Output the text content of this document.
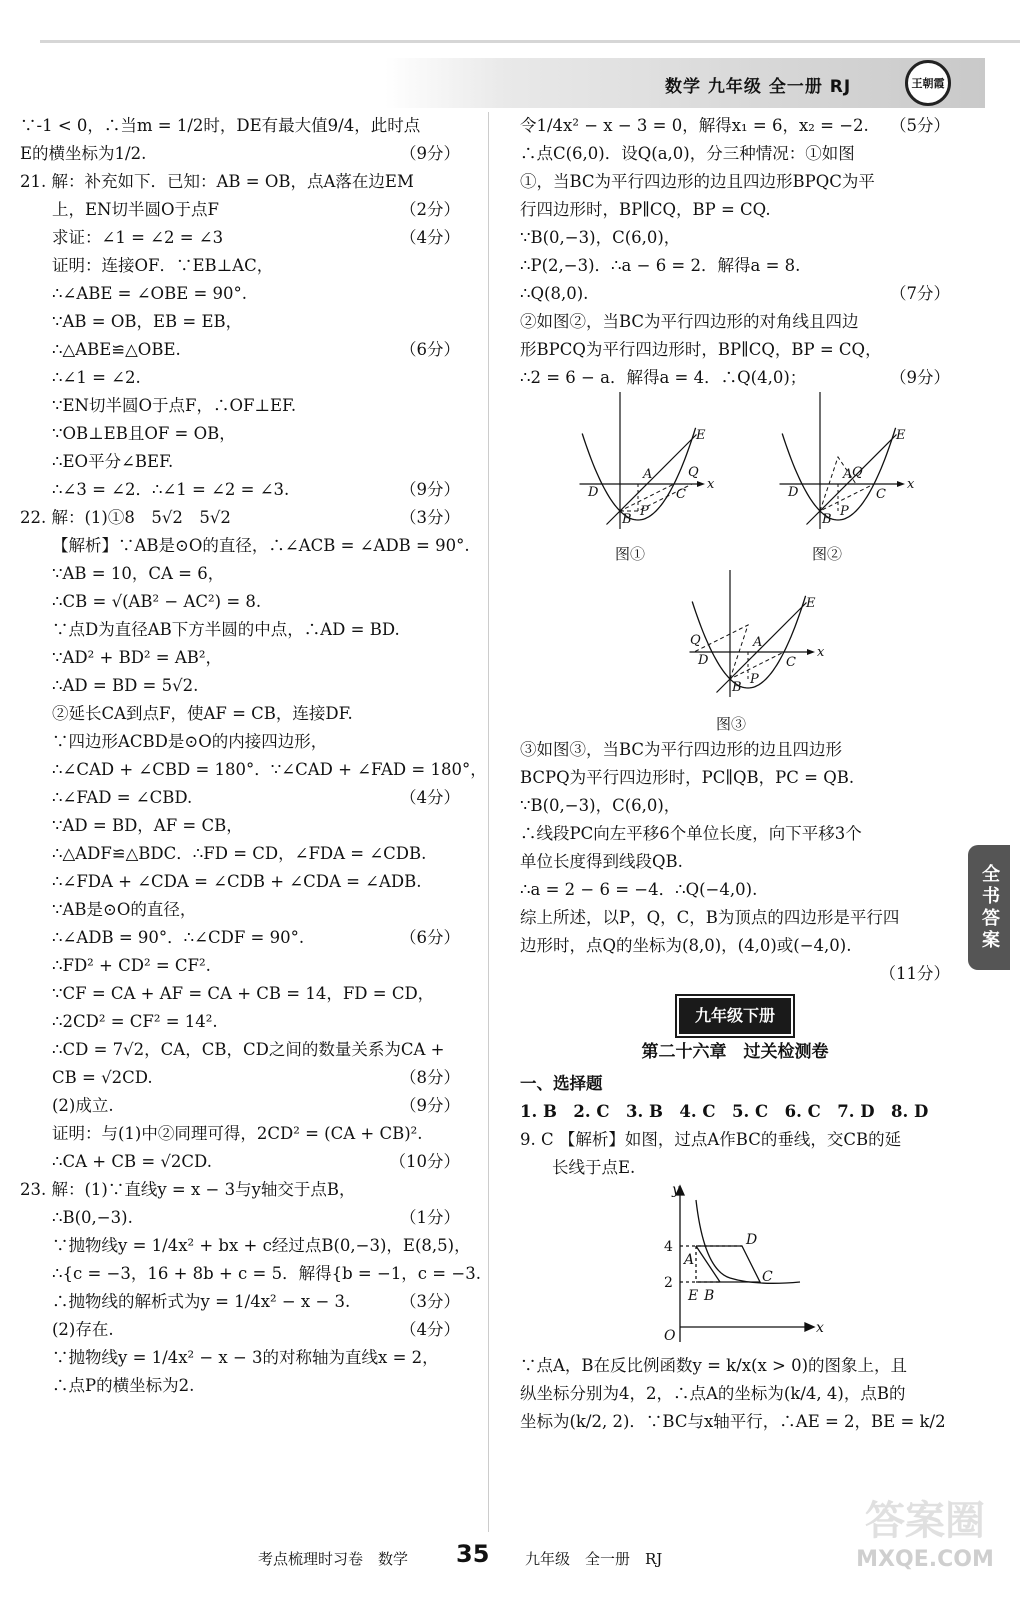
数学 九年级 全一册 RJ	王朝霞
∵-1 < 0，∴当m = 1/2时，DE有最大值9/4，此时点
E的横坐标为1/2.	（9分）
21. 解：补充如下．已知：AB = OB，点A落在边EM
上，EN切半圆O于点F	（2分）
求证：∠1 = ∠2 = ∠3	（4分）
证明：连接OF．∵EB⊥AC，
∴∠ABE = ∠OBE = 90°.
∵AB = OB，EB = EB，
∴△ABE≌△OBE.	（6分）
∴∠1 = ∠2.
∵EN切半圆O于点F，∴OF⊥EF.
∵OB⊥EB且OF = OB，
∴EO平分∠BEF.
∴∠3 = ∠2．∴∠1 = ∠2 = ∠3.	（9分）
22. 解：(1)①8　5√2　5√2	（3分）
【解析】∵AB是⊙O的直径，∴∠ACB = ∠ADB = 90°.
∵AB = 10，CA = 6，
∴CB = √(AB² − AC²) = 8.
∵点D为直径AB下方半圆的中点，∴AD = BD.
∵AD² + BD² = AB²，
∴AD = BD = 5√2.
②延长CA到点F，使AF = CB，连接DF.
∵四边形ACBD是⊙O的内接四边形，
∴∠CAD + ∠CBD = 180°．∵∠CAD + ∠FAD = 180°，
∴∠FAD = ∠CBD.	（4分）
∵AD = BD，AF = CB，
∴△ADF≌△BDC．∴FD = CD，∠FDA = ∠CDB.
∴∠FDA + ∠CDA = ∠CDB + ∠CDA = ∠ADB.
∵AB是⊙O的直径，
∴∠ADB = 90°．∴∠CDF = 90°.	（6分）
∴FD² + CD² = CF².
∵CF = CA + AF = CA + CB = 14，FD = CD，
∴2CD² = CF² = 14².
∴CD = 7√2，CA，CB，CD之间的数量关系为CA +
CB = √2CD.	（8分）
(2)成立.	（9分）
证明：与(1)中②同理可得，2CD² = (CA + CB)².
∴CA + CB = √2CD.	（10分）
23. 解：(1)∵直线y = x − 3与y轴交于点B，
∴B(0,−3).	（1分）
∵抛物线y = 1/4x² + bx + c经过点B(0,−3)，E(8,5)，
∴{c = −3，16 + 8b + c = 5．解得{b = −1，c = −3.
∴抛物线的解析式为y = 1/4x² − x − 3.	（3分）
(2)存在.	（4分）
∵抛物线y = 1/4x² − x − 3的对称轴为直线x = 2，
∴点P的横坐标为2.
令1/4x² − x − 3 = 0，解得x₁ = 6，x₂ = −2. （5分）
∴点C(6,0)．设Q(a,0)，分三种情况：①如图
①，当BC为平行四边形的边且四边形BPQC为平
行四边形时，BP∥CQ，BP = CQ.
∵B(0,−3)，C(6,0)，
∴P(2,−3)．∴a − 6 = 2．解得a = 8.
∴Q(8,0).	（7分）
②如图②，当BC为平行四边形的对角线且四边
形BPCQ为平行四边形时，BP∥CQ，BP = CQ，
∴2 = 6 − a．解得a = 4．∴Q(4,0)；	（9分）
x
E
C
B
D
A
P
Q
x
E
C
B
D
A
P
Q
图①	图②
x
E
C
B
D
A
P
Q
图③
③如图③，当BC为平行四边形的边且四边形
BCPQ为平行四边形时，PC∥QB，PC = QB.
∵B(0,−3)，C(6,0)，
∴线段PC向左平移6个单位长度，向下平移3个
单位长度得到线段QB.
∴a = 2 − 6 = −4．∴Q(−4,0).
综上所述，以P，Q，C，B为顶点的四边形是平行四
边形时，点Q的坐标为(8,0)，(4,0)或(−4,0).
（11分）
九年级下册
第二十六章　过关检测卷
一、选择题
1. B　2. C　3. B　4. C　5. C　6. C　7. D　8. D
9. C 【解析】如图，过点A作BC的垂线，交CB的延
长线于点E.
y
x
4
2
O
A
D
C
E B
∵点A，B在反比例函数y = k/x(x > 0)的图象上，且
纵坐标分别为4，2，∴点A的坐标为(k/4, 4)，点B的
坐标为(k/2, 2)．∵BC与x轴平行，∴AE = 2，BE = k/2
全书答案
考点梳理时习卷　数学 35 九年级　全一册　RJ
答案圈
MXQE.COM
